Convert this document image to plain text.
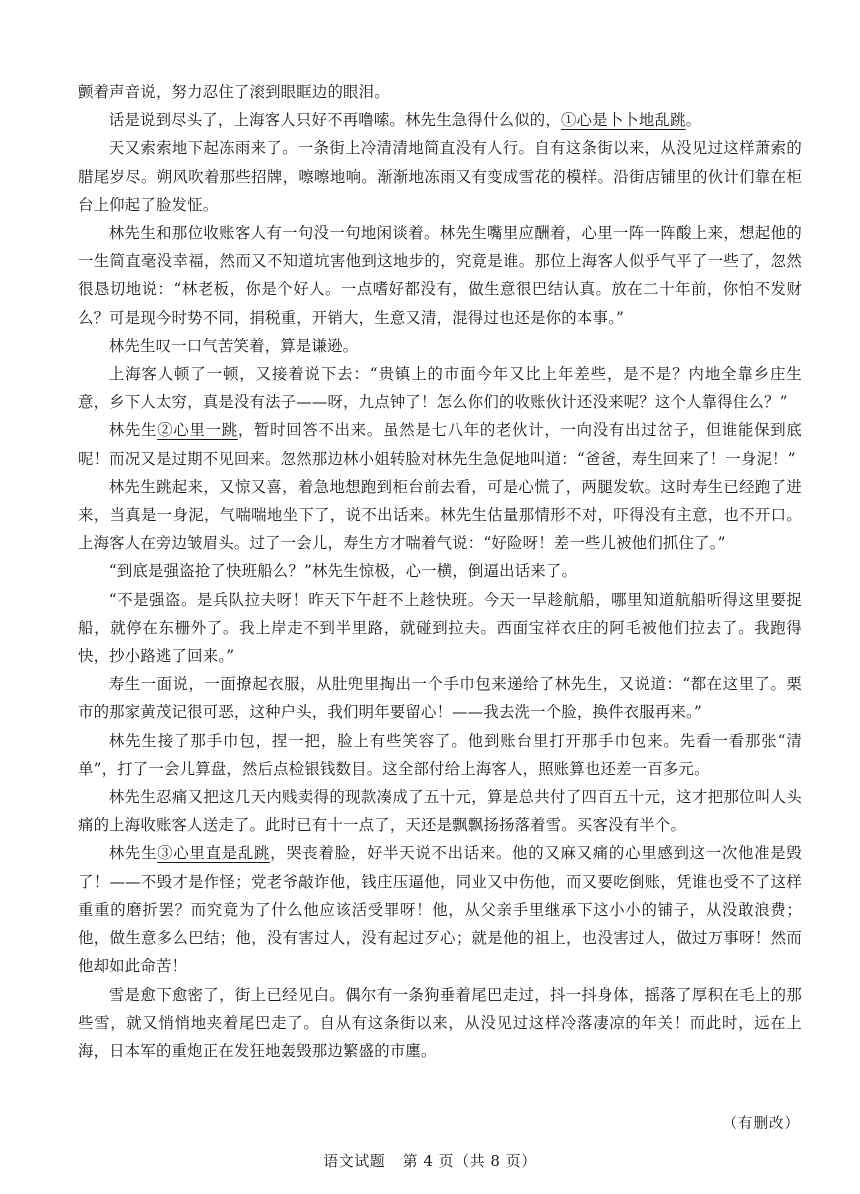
颤着声音说，努力忍住了滚到眼眶边的眼泪。

话是说到尽头了，上海客人只好不再噜嗦。林先生急得什么似的，①心是卜卜地乱跳。

天又索索地下起冻雨来了。一条街上冷清清地简直没有人行。自有这条街以来，从没见过这样萧索的腊尾岁尽。朔风吹着那些招牌，嚓嚓地响。渐渐地冻雨又有变成雪花的模样。沿街店铺里的伙计们靠在柜台上仰起了脸发怔。

林先生和那位收账客人有一句没一句地闲谈着。林先生嘴里应酬着，心里一阵一阵酸上来，想起他的一生简直毫没幸福，然而又不知道坑害他到这地步的，究竟是谁。那位上海客人似乎气平了一些了，忽然很恳切地说：“林老板，你是个好人。一点嗜好都没有，做生意很巴结认真。放在二十年前，你怕不发财么？可是现今时势不同，捐税重，开销大，生意又清，混得过也还是你的本事。”

林先生叹一口气苦笑着，算是谦逊。

上海客人顿了一顿，又接着说下去：“贵镇上的市面今年又比上年差些，是不是？内地全靠乡庄生意，乡下人太穷，真是没有法子——呀，九点钟了！怎么你们的收账伙计还没来呢？这个人靠得住么？”

林先生②心里一跳，暂时回答不出来。虽然是七八年的老伙计，一向没有出过岔子，但谁能保到底呢！而况又是过期不见回来。忽然那边林小姐转脸对林先生急促地叫道：“爸爸，寿生回来了！一身泥！”

林先生跳起来，又惊又喜，着急地想跑到柜台前去看，可是心慌了，两腿发软。这时寿生已经跑了进来，当真是一身泥，气喘喘地坐下了，说不出话来。林先生估量那情形不对，吓得没有主意，也不开口。上海客人在旁边皱眉头。过了一会儿，寿生方才喘着气说：“好险呀！差一些儿被他们抓住了。”

“到底是强盗抢了快班船么？”林先生惊极，心一横，倒逼出话来了。

“不是强盗。是兵队拉夫呀！昨天下午赶不上趁快班。今天一早趁航船，哪里知道航船听得这里要捉船，就停在东栅外了。我上岸走不到半里路，就碰到拉夫。西面宝祥衣庄的阿毛被他们拉去了。我跑得快，抄小路逃了回来。”

寿生一面说，一面撩起衣服，从肚兜里掏出一个手巾包来递给了林先生，又说道：“都在这里了。栗市的那家黄茂记很可恶，这种户头，我们明年要留心！——我去洗一个脸，换件衣服再来。”

林先生接了那手巾包，捏一把，脸上有些笑容了。他到账台里打开那手巾包来。先看一看那张“清单”，打了一会儿算盘，然后点检银钱数目。这全部付给上海客人，照账算也还差一百多元。

林先生忍痛又把这几天内贱卖得的现款凑成了五十元，算是总共付了四百五十元，这才把那位叫人头痛的上海收账客人送走了。此时已有十一点了，天还是飘飘扬扬落着雪。买客没有半个。

林先生③心里直是乱跳，哭丧着脸，好半天说不出话来。他的又麻又痛的心里感到这一次他准是毁了！——不毁才是作怪；党老爷敲诈他，钱庄压逼他，同业又中伤他，而又要吃倒账，凭谁也受不了这样重重的磨折罢？而究竟为了什么他应该活受罪呀！他，从父亲手里继承下这小小的铺子，从没敢浪费；他，做生意多么巴结；他，没有害过人，没有起过歹心；就是他的祖上，也没害过人，做过万事呀！然而他却如此命苦！

雪是愈下愈密了，街上已经见白。偶尔有一条狗垂着尾巴走过，抖一抖身体，摇落了厚积在毛上的那些雪，就又悄悄地夹着尾巴走了。自从有这条街以来，从没见过这样冷落凄凉的年关！而此时，远在上海，日本军的重炮正在发狂地轰毁那边繁盛的市廛。

（有删改）
语文试题 第 4 页（共 8 页）
